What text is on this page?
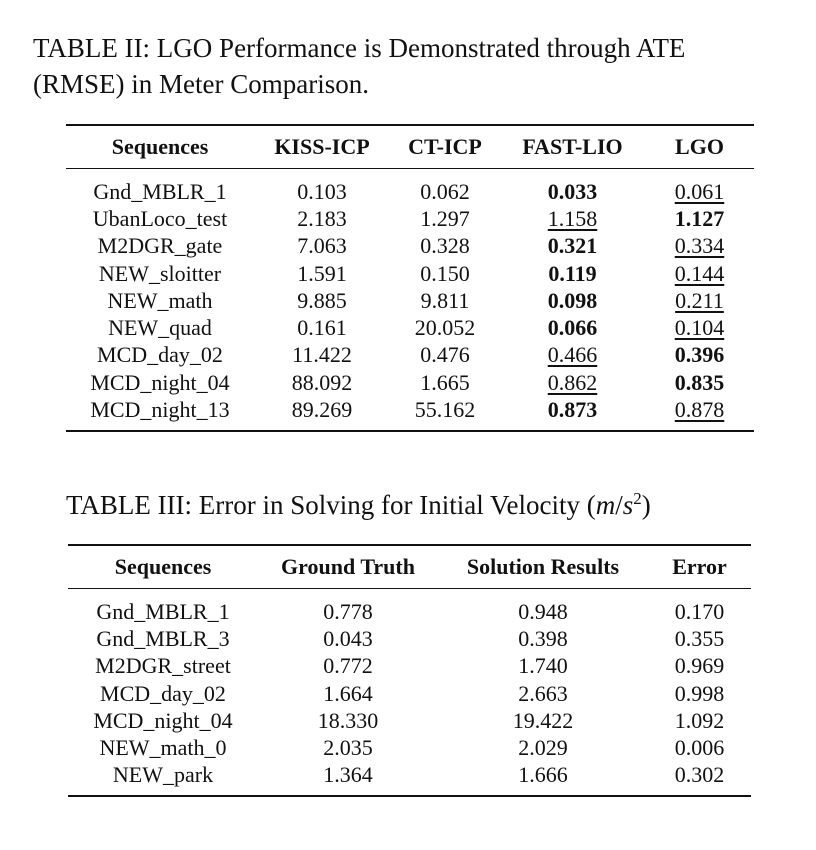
TABLE II: LGO Performance is Demonstrated through ATE
(RMSE) in Meter Comparison.
Sequences	KISS-ICP	CT-ICP	FAST-LIO	LGO
Gnd_MBLR_1	0.103	0.062	0.033	0.061
UbanLoco_test	2.183	1.297	1.158	1.127
M2DGR_gate	7.063	0.328	0.321	0.334
NEW_sloitter	1.591	0.150	0.119	0.144
NEW_math	9.885	9.811	0.098	0.211
NEW_quad	0.161	20.052	0.066	0.104
MCD_day_02	11.422	0.476	0.466	0.396
MCD_night_04	88.092	1.665	0.862	0.835
MCD_night_13	89.269	55.162	0.873	0.878
TABLE III: Error in Solving for Initial Velocity $(m/s^2)$
Sequences	Ground Truth	Solution Results	Error
Gnd_MBLR_1	0.778	0.948	0.170
Gnd_MBLR_3	0.043	0.398	0.355
M2DGR_street	0.772	1.740	0.969
MCD_day_02	1.664	2.663	0.998
MCD_night_04	18.330	19.422	1.092
NEW_math_0	2.035	2.029	0.006
NEW_park	1.364	1.666	0.302
